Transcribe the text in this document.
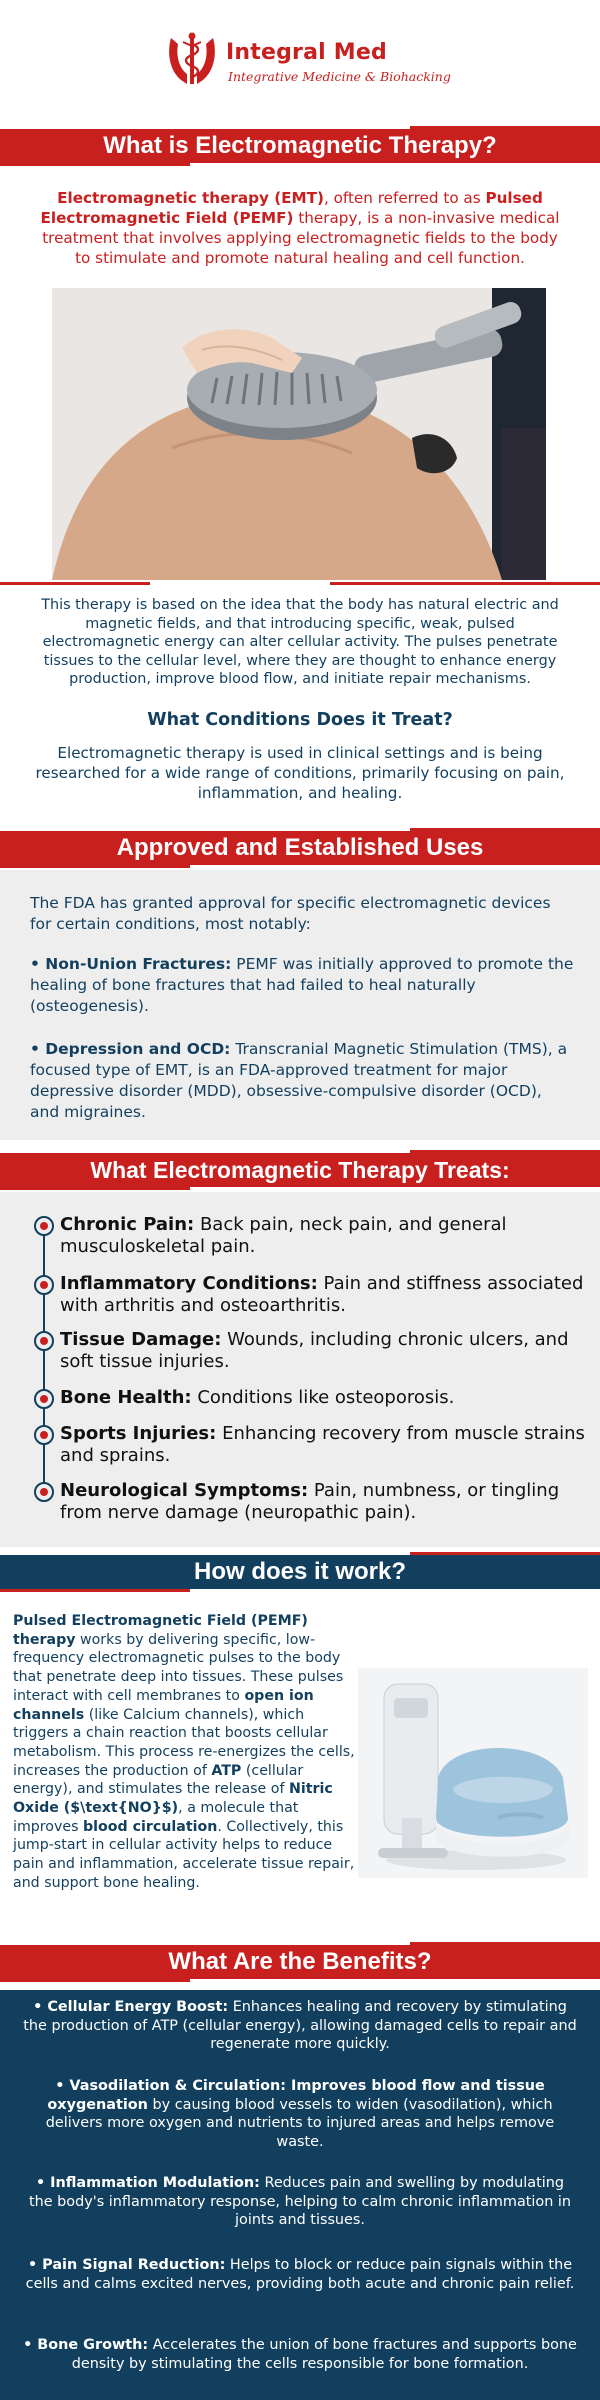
Integral Med
Integrative Medicine & Biohacking
What is Electromagnetic Therapy?
Electromagnetic therapy (EMT), often referred to as Pulsed Electromagnetic Field (PEMF) therapy, is a non-invasive medical treatment that involves applying electromagnetic fields to the body to stimulate and promote natural healing and cell function.
This therapy is based on the idea that the body has natural electric and magnetic fields, and that introducing specific, weak, pulsed electromagnetic energy can alter cellular activity. The pulses penetrate tissues to the cellular level, where they are thought to enhance energy production, improve blood flow, and initiate repair mechanisms.
What Conditions Does it Treat?
Electromagnetic therapy is used in clinical settings and is being researched for a wide range of conditions, primarily focusing on pain, inflammation, and healing.
Approved and Established Uses
The FDA has granted approval for specific electromagnetic devices for certain conditions, most notably:
• Non-Union Fractures: PEMF was initially approved to promote the healing of bone fractures that had failed to heal naturally (osteogenesis).
• Depression and OCD: Transcranial Magnetic Stimulation (TMS), a focused type of EMT, is an FDA-approved treatment for major depressive disorder (MDD), obsessive-compulsive disorder (OCD), and migraines.
What Electromagnetic Therapy Treats:
Chronic Pain: Back pain, neck pain, and general musculoskeletal pain.
Inflammatory Conditions: Pain and stiffness associated with arthritis and osteoarthritis.
Tissue Damage: Wounds, including chronic ulcers, and soft tissue injuries.
Bone Health: Conditions like osteoporosis.
Sports Injuries: Enhancing recovery from muscle strains and sprains.
Neurological Symptoms: Pain, numbness, or tingling from nerve damage (neuropathic pain).
How does it work?
Pulsed Electromagnetic Field (PEMF) therapy works by delivering specific, low-frequency electromagnetic pulses to the body that penetrate deep into tissues. These pulses interact with cell membranes to open ion channels (like Calcium channels), which triggers a chain reaction that boosts cellular metabolism. This process re-energizes the cells, increases the production of ATP (cellular energy), and stimulates the release of Nitric Oxide ($\text{NO}$), a molecule that improves blood circulation. Collectively, this jump-start in cellular activity helps to reduce pain and inflammation, accelerate tissue repair, and support bone healing.
What Are the Benefits?
• Cellular Energy Boost: Enhances healing and recovery by stimulating the production of ATP (cellular energy), allowing damaged cells to repair and regenerate more quickly.
• Vasodilation & Circulation: Improves blood flow and tissue oxygenation by causing blood vessels to widen (vasodilation), which delivers more oxygen and nutrients to injured areas and helps remove waste.
• Inflammation Modulation: Reduces pain and swelling by modulating the body's inflammatory response, helping to calm chronic inflammation in joints and tissues.
• Pain Signal Reduction: Helps to block or reduce pain signals within the cells and calms excited nerves, providing both acute and chronic pain relief.
• Bone Growth: Accelerates the union of bone fractures and supports bone density by stimulating the cells responsible for bone formation.
